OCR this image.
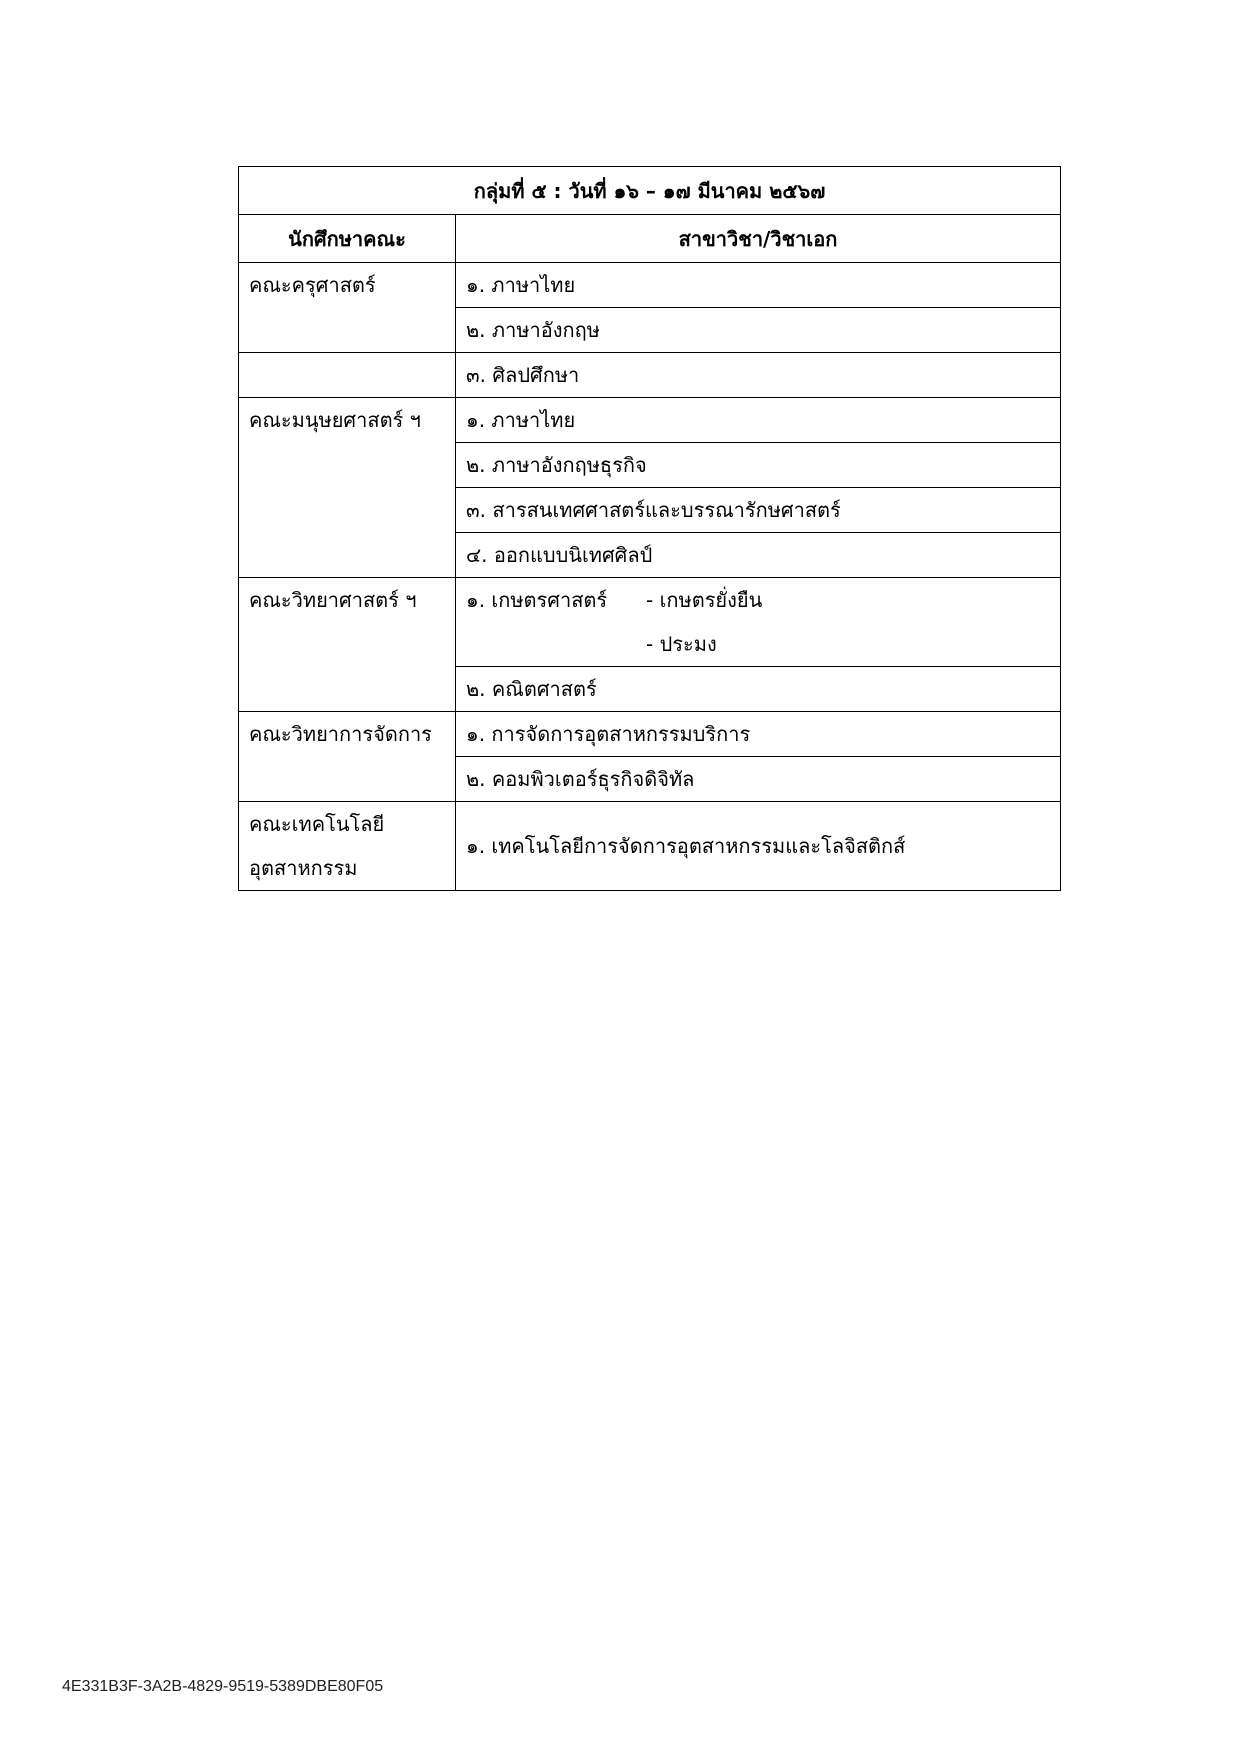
กลุ่มที่ ๕ : วันที่ ๑๖ – ๑๗ มีนาคม ๒๕๖๗	
นักศึกษาคณะ	สาขาวิชา/วิชาเอก

คณะครุศาสตร์	๑. ภาษาไทย
	๒. ภาษาอังกฤษ
	๓. ศิลปศึกษา

คณะมนุษยศาสตร์ ฯ	๑. ภาษาไทย
	๒. ภาษาอังกฤษธุรกิจ
	๓. สารสนเทศศาสตร์และบรรณารักษศาสตร์
	๔. ออกแบบนิเทศศิลป์

คณะวิทยาศาสตร์ ฯ	๑. เกษตรศาสตร์ - เกษตรยั่งยืน
- ประมง

	๒. คณิตศาสตร์

คณะวิทยาการจัดการ	๑. การจัดการอุตสาหกรรมบริการ
	๒. คอมพิวเตอร์ธุรกิจดิจิทัล

คณะเทคโนโลยี
อุตสาหกรรม	๑. เทคโนโลยีการจัดการอุตสาหกรรมและโลจิสติกส์
4E331B3F-3A2B-4829-9519-5389DBE80F05
